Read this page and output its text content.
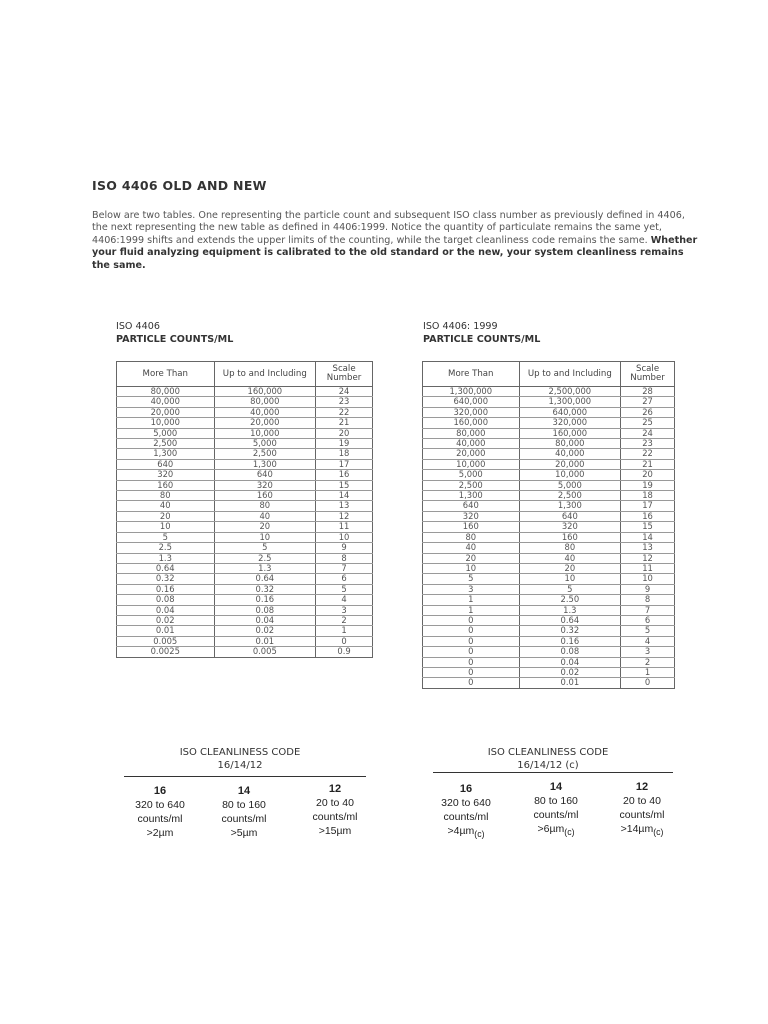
ISO 4406 OLD AND NEW
Below are two tables. One representing the particle count and subsequent ISO class number as previously defined in 4406, the next representing the new table as defined in 4406:1999. Notice the quantity of particulate remains the same yet, 4406:1999 shifts and extends the upper limits of the counting, while the target cleanliness code remains the same. Whether your fluid analyzing equipment is calibrated to the old standard or the new, your system cleanliness remains the same.
ISO 4406
PARTICLE COUNTS/ML
More Than	Up to and Including	Scale
Number
80,000	160,000	24
40,000	80,000	23
20,000	40,000	22
10,000	20,000	21
5,000	10,000	20
2,500	5,000	19
1,300	2,500	18
640	1,300	17
320	640	16
160	320	15
80	160	14
40	80	13
20	40	12
10	20	11
5	10	10
2.5	5	9
1.3	2.5	8
0.64	1.3	7
0.32	0.64	6
0.16	0.32	5
0.08	0.16	4
0.04	0.08	3
0.02	0.04	2
0.01	0.02	1
0.005	0.01	0
0.0025	0.005	0.9
ISO 4406: 1999
PARTICLE COUNTS/ML
More Than	Up to and Including	Scale
Number
1,300,000	2,500,000	28
640,000	1,300,000	27
320,000	640,000	26
160,000	320,000	25
80,000	160,000	24
40,000	80,000	23
20,000	40,000	22
10,000	20,000	21
5,000	10,000	20
2,500	5,000	19
1,300	2,500	18
640	1,300	17
320	640	16
160	320	15
80	160	14
40	80	13
20	40	12
10	20	11
5	10	10
3	5	9
1	2.50	8
1	1.3	7
0	0.64	6
0	0.32	5
0	0.16	4
0	0.08	3
0	0.04	2
0	0.02	1
0	0.01	0
ISO CLEANLINESS CODE
16/14/12
16
320 to 640
counts/ml
>2µm
14
80 to 160
counts/ml
>5µm
12
20 to 40
counts/ml
>15µm
ISO CLEANLINESS CODE
16/14/12 (c)
16
320 to 640
counts/ml
>4µm$_{(c)}$
14
80 to 160
counts/ml
>6µm$_{(c)}$
12
20 to 40
counts/ml
>14µm$_{(c)}$
